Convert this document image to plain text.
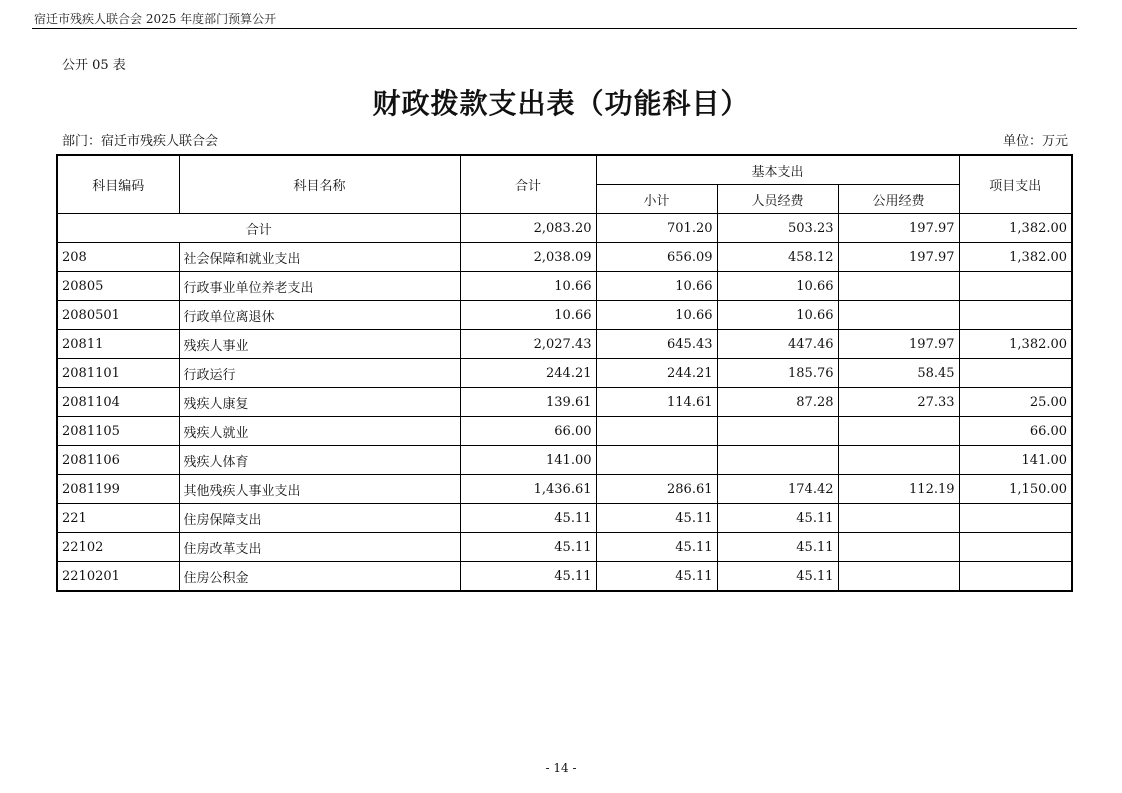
宿迁市残疾人联合会 2025 年度部门预算公开
公开 05 表
财政拨款支出表（功能科目）
部门：宿迁市残疾人联合会	单位：万元
科目编码	科目名称	合计	基本支出			项目支出
			小计	人员经费	公用经费	
合计		2,083.20	701.20	503.23	197.97	1,382.00
208	社会保障和就业支出	2,038.09	656.09	458.12	197.97	1,382.00
20805	行政事业单位养老支出	10.66	10.66	10.66		
2080501	行政单位离退休	10.66	10.66	10.66		
20811	残疾人事业	2,027.43	645.43	447.46	197.97	1,382.00
2081101	行政运行	244.21	244.21	185.76	58.45	
2081104	残疾人康复	139.61	114.61	87.28	27.33	25.00
2081105	残疾人就业	66.00				66.00
2081106	残疾人体育	141.00				141.00
2081199	其他残疾人事业支出	1,436.61	286.61	174.42	112.19	1,150.00
221	住房保障支出	45.11	45.11	45.11		
22102	住房改革支出	45.11	45.11	45.11		
2210201	住房公积金	45.11	45.11	45.11		
- 14 -
